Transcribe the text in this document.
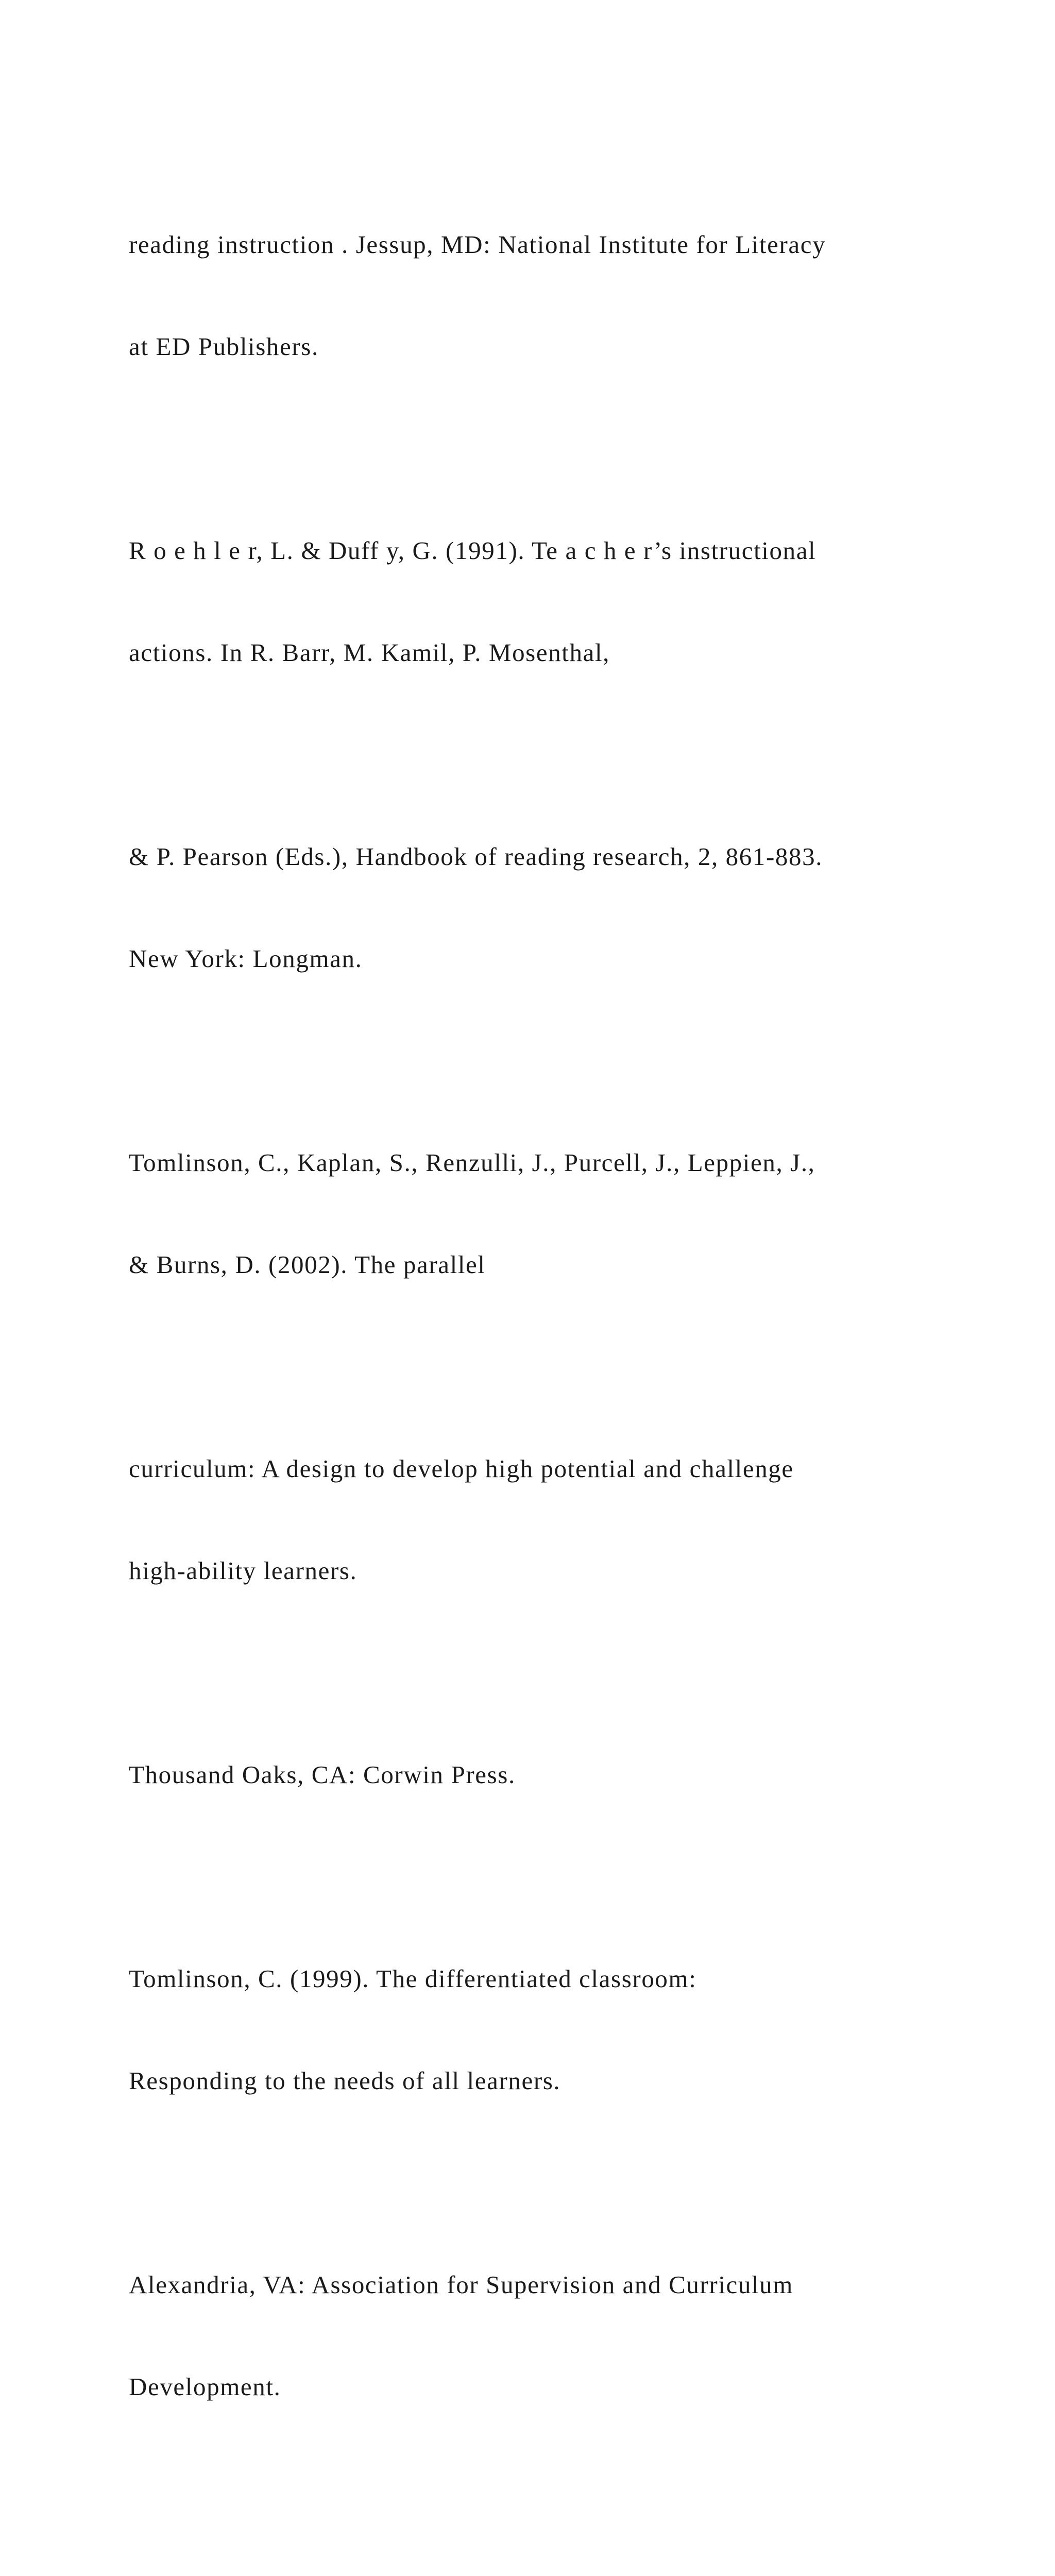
reading instruction . Jessup, MD: National Institute for Literacy

at ED Publishers.

R o e h l e r, L. & Duff y, G. (1991). Te a c h e r’s instructional

actions. In R. Barr, M. Kamil, P. Mosenthal,

& P. Pearson (Eds.), Handbook of reading research, 2, 861-883.

New York: Longman.

Tomlinson, C., Kaplan, S., Renzulli, J., Purcell, J., Leppien, J.,

& Burns, D. (2002). The parallel

curriculum: A design to develop high potential and challenge

high-ability learners.

Thousand Oaks, CA: Corwin Press.

Tomlinson, C. (1999). The differentiated classroom:

Responding to the needs of all learners.

Alexandria, VA: Association for Supervision and Curriculum

Development.
